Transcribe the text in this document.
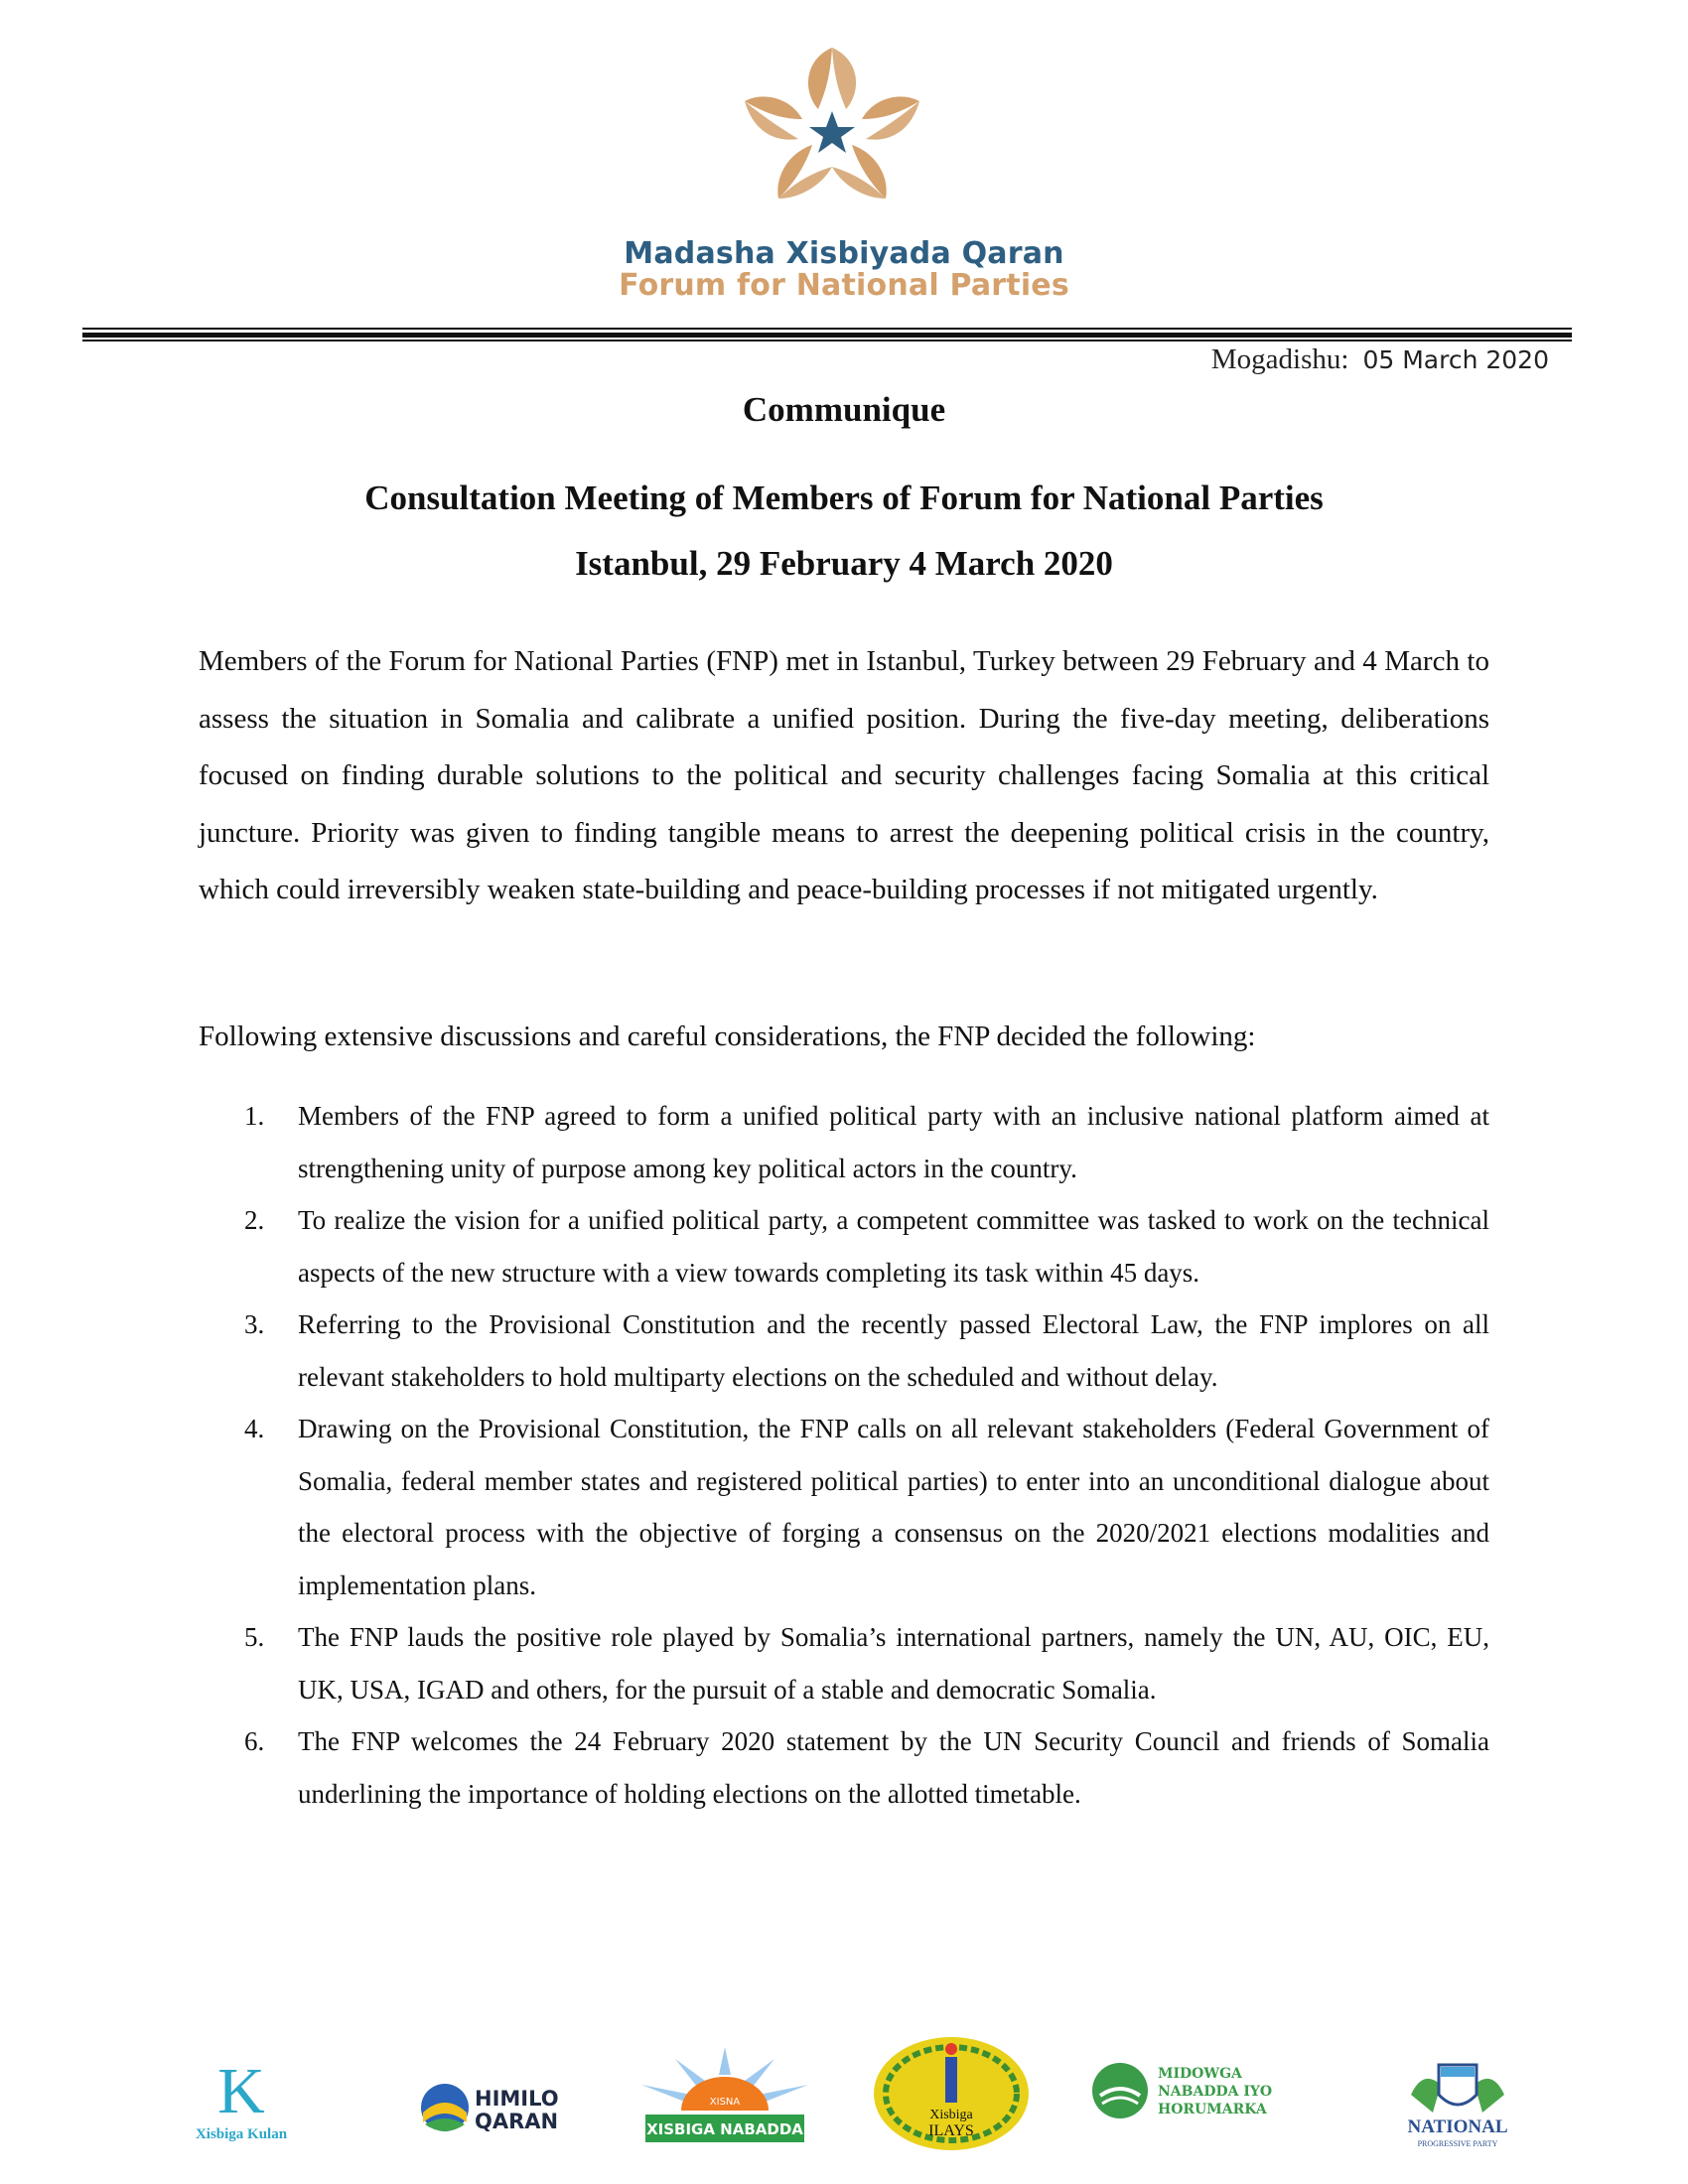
Madasha Xisbiyada Qaran
Forum for National Parties
Mogadishu: 05 March 2020
Communique
Consultation Meeting of Members of Forum for National Parties
Istanbul, 29 February 4 March 2020

Members of the Forum for National Parties (FNP) met in Istanbul, Turkey between 29 February and 4 March to assess the situation in Somalia and calibrate a unified position. During the five-day meeting, deliberations focused on finding durable solutions to the political and security challenges facing Somalia at this critical juncture. Priority was given to finding tangible means to arrest the deepening political crisis in the country, which could irreversibly weaken state-building and peace-building processes if not mitigated urgently.

Following extensive discussions and careful considerations, the FNP decided the following:

1. Members of the FNP agreed to form a unified political party with an inclusive national platform aimed at strengthening unity of purpose among key political actors in the country.
2. To realize the vision for a unified political party, a competent committee was tasked to work on the technical aspects of the new structure with a view towards completing its task within 45 days.
3. Referring to the Provisional Constitution and the recently passed Electoral Law, the FNP implores on all relevant stakeholders to hold multiparty elections on the scheduled and without delay.
4. Drawing on the Provisional Constitution, the FNP calls on all relevant stakeholders (Federal Government of Somalia, federal member states and registered political parties) to enter into an unconditional dialogue about the electoral process with the objective of forging a consensus on the 2020/2021 elections modalities and implementation plans.
5. The FNP lauds the positive role played by Somalia’s international partners, namely the UN, AU, OIC, EU, UK, USA, IGAD and others, for the pursuit of a stable and democratic Somalia.
6. The FNP welcomes the 24 February 2020 statement by the UN Security Council and friends of Somalia underlining the importance of holding elections on the allotted timetable.
K
Xisbiga Kulan
HIMILO
QARAN
XISNA
XISBIGA NABADDA
Xisbiga
ILAYS
MIDOWGA
NABADDA IYO
HORUMARKA
NATIONAL
PROGRESSIVE PARTY
